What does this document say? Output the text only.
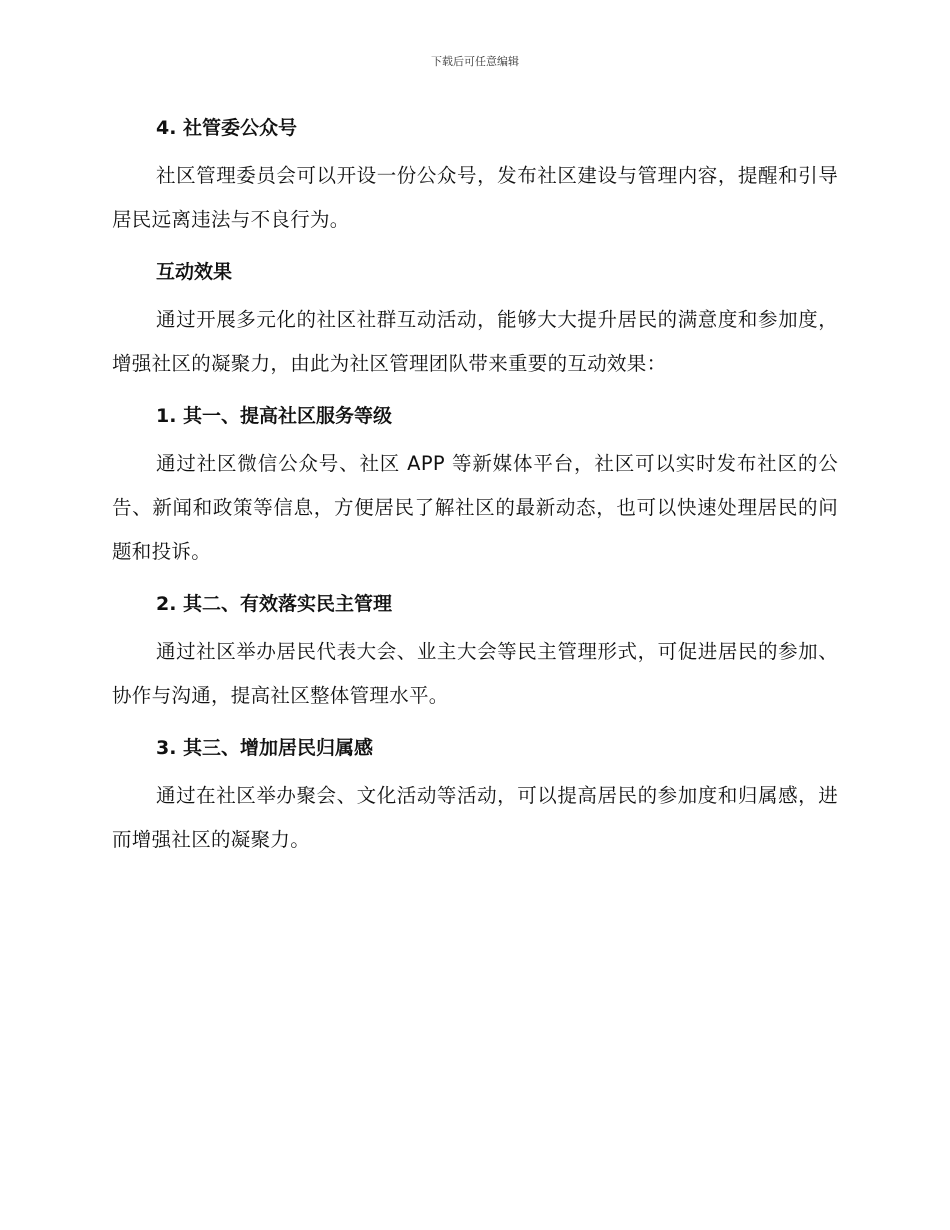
下载后可任意编辑

4. 社管委公众号

社区管理委员会可以开设一份公众号，发布社区建设与管理内容，提醒和引导居民远离违法与不良行为。

互动效果

通过开展多元化的社区社群互动活动，能够大大提升居民的满意度和参加度，增强社区的凝聚力，由此为社区管理团队带来重要的互动效果：

1. 其一、提高社区服务等级

通过社区微信公众号、社区 APP 等新媒体平台，社区可以实时发布社区的公告、新闻和政策等信息，方便居民了解社区的最新动态，也可以快速处理居民的问题和投诉。

2. 其二、有效落实民主管理

通过社区举办居民代表大会、业主大会等民主管理形式，可促进居民的参加、协作与沟通，提高社区整体管理水平。

3. 其三、增加居民归属感

通过在社区举办聚会、文化活动等活动，可以提高居民的参加度和归属感，进而增强社区的凝聚力。
